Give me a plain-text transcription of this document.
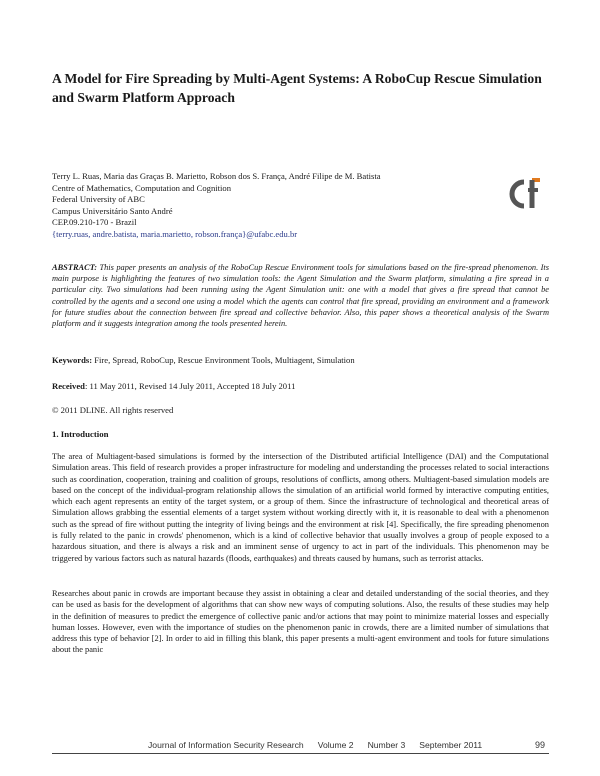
A Model for Fire Spreading by Multi-Agent Systems: A RoboCup Rescue Simulation and Swarm Platform Approach
Terry L. Ruas, Maria das Graças B. Marietto, Robson dos S. França, André Filipe de M. Batista
Centre of Mathematics, Computation and Cognition
Federal University of ABC
Campus Universitário Santo André
CEP.09.210-170 - Brazil
{terry.ruas, andre.batista, maria.marietto, robson.frança}@ufabc.edu.br

ABSTRACT: This paper presents an analysis of the RoboCup Rescue Environment tools for simulations based on the fire-spread phenomenon. Its main purpose is highlighting the features of two simulation tools: the Agent Simulation and the Swarm platform, simulating a fire spread in a particular city. Two simulations had been running using the Agent Simulation unit: one with a model that gives a fire spread that cannot be controlled by the agents and a second one using a model which the agents can control that fire spread, providing an environment and a framework for future studies about the connection between fire spread and collective behavior. Also, this paper shows a theoretical analysis of the Swarm platform and it suggests integration among the tools presented herein.

Keywords: Fire, Spread, RoboCup, Rescue Environment Tools, Multiagent, Simulation
Received: 11 May 2011, Revised 14 July 2011, Accepted 18 July 2011
© 2011 DLINE. All rights reserved
1. Introduction

The area of Multiagent-based simulations is formed by the intersection of the Distributed artificial Intelligence (DAI) and the Computational Simulation areas. This field of research provides a proper infrastructure for modeling and understanding the processes related to social interactions such as coordination, cooperation, training and coalition of groups, resolutions of conflicts, among others. Multiagent-based simulation models are based on the concept of the individual-program relationship allows the simulation of an artificial world formed by interactive computing entities, which each agent represents an entity of the target system, or a group of them. Since the infrastructure of technological and theoretical areas of Simulation allows grabbing the essential elements of a target system without working directly with it, it is reasonable to deal with a phenomenon such as the spread of fire without putting the integrity of living beings and the environment at risk [4]. Specifically, the fire spreading phenomenon is fully related to the panic in crowds' phenomenon, which is a kind of collective behavior that usually involves a group of people exposed to a hazardous situation, and there is always a risk and an imminent sense of urgency to act in part of the individuals. This phenomenon may be triggered by various factors such as natural hazards (floods, earthquakes) and threats caused by humans, such as terrorist attacks.

Researches about panic in crowds are important because they assist in obtaining a clear and detailed understanding of the social theories, and they can be used as basis for the development of algorithms that can show new ways of computing solutions. Also, the results of these studies may help in the definition of measures to predict the emergence of collective panic and/or actions that may point to minimize material losses and especially human losses. However, even with the importance of studies on the phenomenon panic in crowds, there are a limited number of simulations that address this type of behavior [2]. In order to aid in filling this blank, this paper presents a multi-agent environment and tools for future simulations about the panic

Journal of Information Security Research Volume 2 Number 3 September 2011	99
